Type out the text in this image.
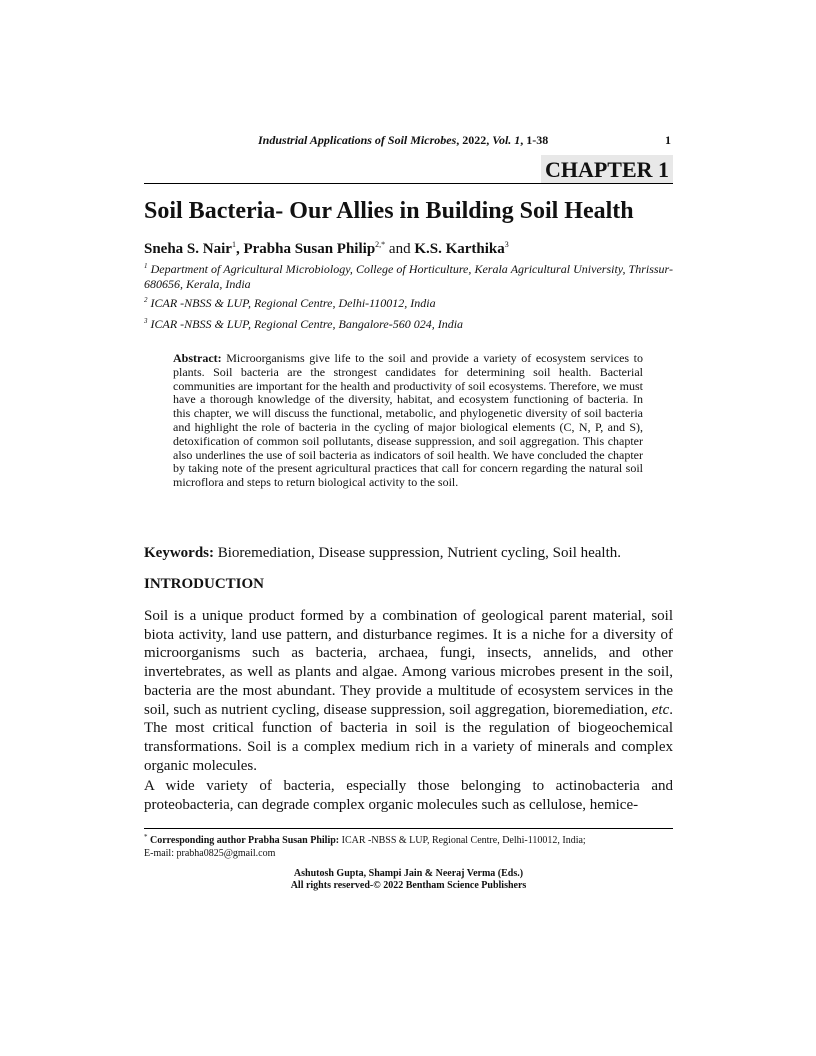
Industrial Applications of Soil Microbes, 2022, Vol. 1, 1-38	1
CHAPTER 1
Soil Bacteria- Our Allies in Building Soil Health
Sneha S. Nair$^1$, Prabha Susan Philip$^{2,*}$ and K.S. Karthika$^3$
$^1$ Department of Agricultural Microbiology, College of Horticulture, Kerala Agricultural University, Thrissur-680656, Kerala, India
$^2$ ICAR -NBSS & LUP, Regional Centre, Delhi-110012, India
$^3$ ICAR -NBSS & LUP, Regional Centre, Bangalore-560 024, India
Abstract: Microorganisms give life to the soil and provide a variety of ecosystem services to plants. Soil bacteria are the strongest candidates for determining soil health. Bacterial communities are important for the health and productivity of soil ecosystems. Therefore, we must have a thorough knowledge of the diversity, habitat, and ecosystem functioning of bacteria. In this chapter, we will discuss the functional, metabolic, and phylogenetic diversity of soil bacteria and highlight the role of bacteria in the cycling of major biological elements (C, N, P, and S), detoxification of common soil pollutants, disease suppression, and soil aggregation. This chapter also underlines the use of soil bacteria as indicators of soil health. We have concluded the chapter by taking note of the present agricultural practices that call for concern regarding the natural soil microflora and steps to return biological activity to the soil.
Keywords: Bioremediation, Disease suppression, Nutrient cycling, Soil health.
INTRODUCTION
Soil is a unique product formed by a combination of geological parent material, soil biota activity, land use pattern, and disturbance regimes. It is a niche for a diversity of microorganisms such as bacteria, archaea, fungi, insects, annelids, and other invertebrates, as well as plants and algae. Among various microbes present in the soil, bacteria are the most abundant. They provide a multitude of ecosystem services in the soil, such as nutrient cycling, disease suppression, soil aggregation, bioremediation, etc. The most critical function of bacteria in soil is the regulation of biogeochemical transformations. Soil is a complex medium rich in a variety of minerals and complex organic molecules.
A wide variety of bacteria, especially those belonging to actinobacteria and proteobacteria, can degrade complex organic molecules such as cellulose, hemice-
* Corresponding author Prabha Susan Philip: ICAR -NBSS & LUP, Regional Centre, Delhi-110012, India;
E-mail: prabha0825@gmail.com
Ashutosh Gupta, Shampi Jain & Neeraj Verma (Eds.)
All rights reserved-© 2022 Bentham Science Publishers
